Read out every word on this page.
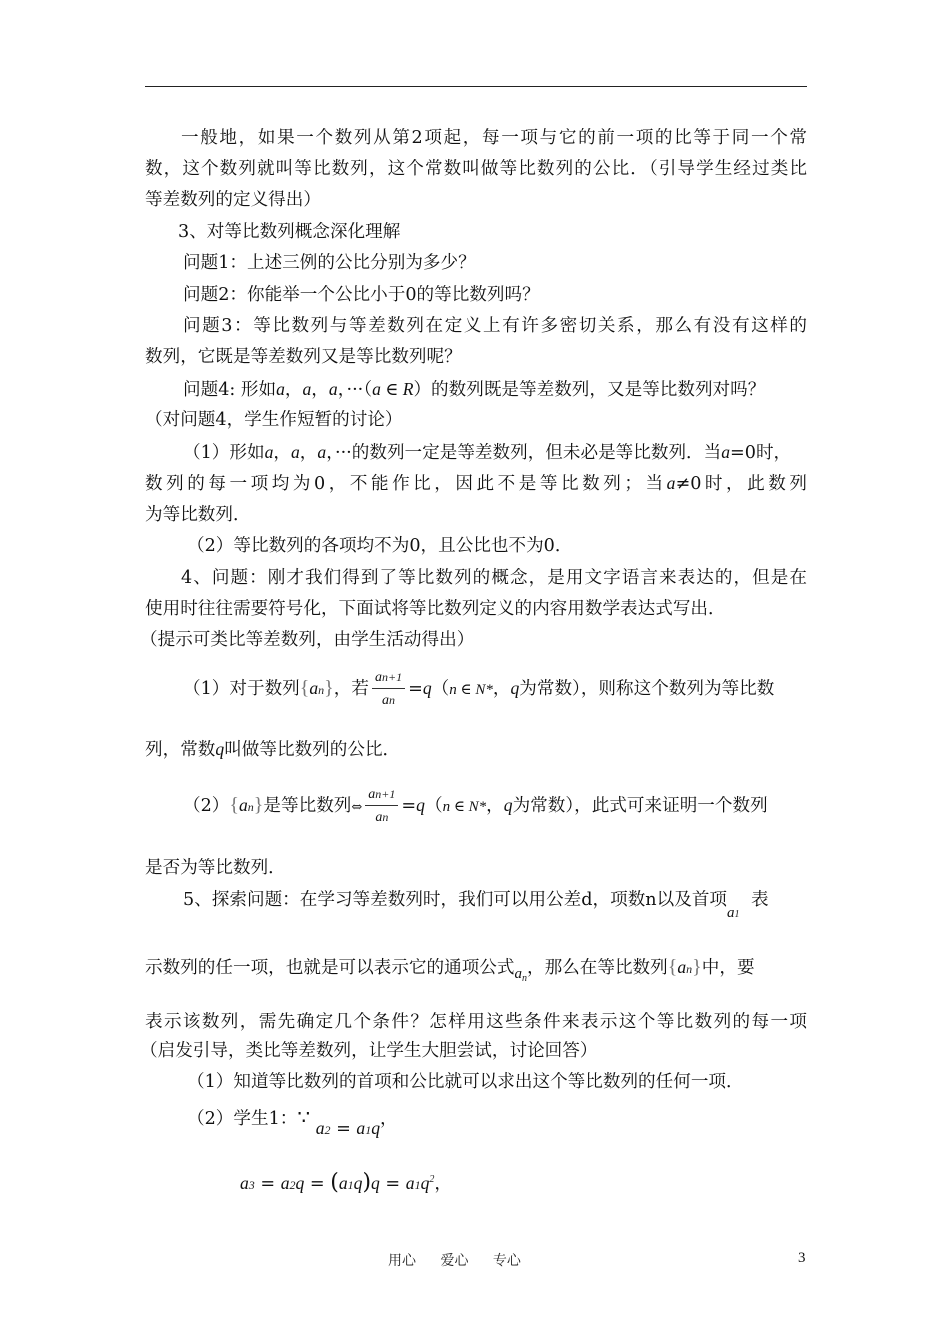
一般地，如果一个数列从第2项起，每一项与它的前一项的比等于同一个常
数，这个数列就叫等比数列，这个常数叫做等比数列的公比．（引导学生经过类比
等差数列的定义得出）
3、对等比数列概念深化理解
问题1：上述三例的公比分别为多少？
问题2：你能举一个公比小于0的等比数列吗？
问题3：等比数列与等差数列在定义上有许多密切关系，那么有没有这样的
数列，它既是等差数列又是等比数列呢？
问题4: 形如a，a，a，···（a ∈ R）的数列既是等差数列，又是等比数列对吗？
（对问题4，学生作短暂的讨论）
（1）形如a，a，a，···的数列一定是等差数列，但未必是等比数列．当a=0时，
数列的每一项均为0，不能作比，因此不是等比数列；当a≠0时，此数列
为等比数列．
（2）等比数列的各项均不为0，且公比也不为0．
4、问题：刚才我们得到了等比数列的概念，是用文字语言来表达的，但是在
使用时往往需要符号化，下面试将等比数列定义的内容用数学表达式写出．
（提示可类比等差数列，由学生活动得出）
（1）对于数列{an}，若 $\frac{an+1}{an} =q(n$ ∈ N*，q为常数），则称这个数列为等比数
列，常数q叫做等比数列的公比．
（2）{an}是等比数列⇔ $\frac{an+1}{an} =q(n$ ∈ N*，q为常数），此式可来证明一个数列
是否为等比数列．
5、探索问题：在学习等差数列时，我们可以用公差d，项数n以及首项a1表
示数列的任一项，也就是可以表示它的通项公式$a_n$，那么在等比数列{an}中，要
表示该数列，需先确定几个条件？怎样用这些条件来表示这个等比数列的每一项
（启发引导，类比等差数列，让学生大胆尝试，讨论回答）
（1）知道等比数列的首项和公比就可以求出这个等比数列的任何一项．
（2）学生1：∵ a2 = a1q，
$a3 = a2q = (a1q)q = a1q^2$，
用心 爱心 专心	3
